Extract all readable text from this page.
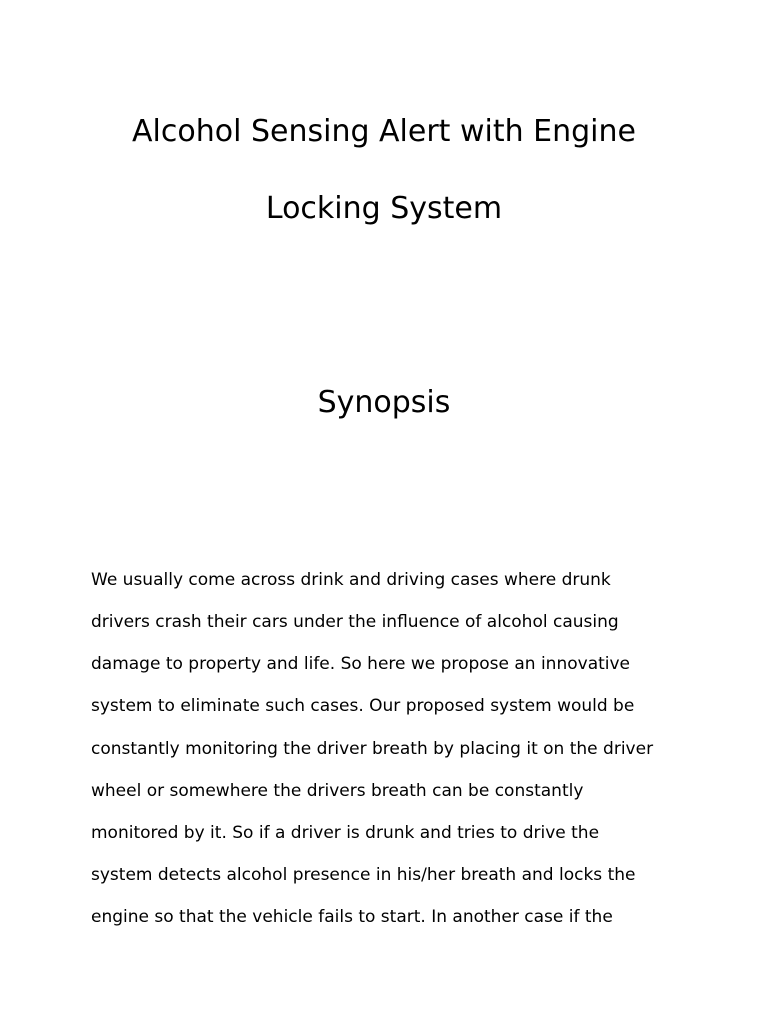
Alcohol Sensing Alert with Engine
Locking System
Synopsis
We usually come across drink and driving cases where drunk
drivers crash their cars under the influence of alcohol causing
damage to property and life. So here we propose an innovative
system to eliminate such cases. Our proposed system would be
constantly monitoring the driver breath by placing it on the driver
wheel or somewhere the drivers breath can be constantly
monitored by it. So if a driver is drunk and tries to drive the
system detects alcohol presence in his/her breath and locks the
engine so that the vehicle fails to start. In another case if the
